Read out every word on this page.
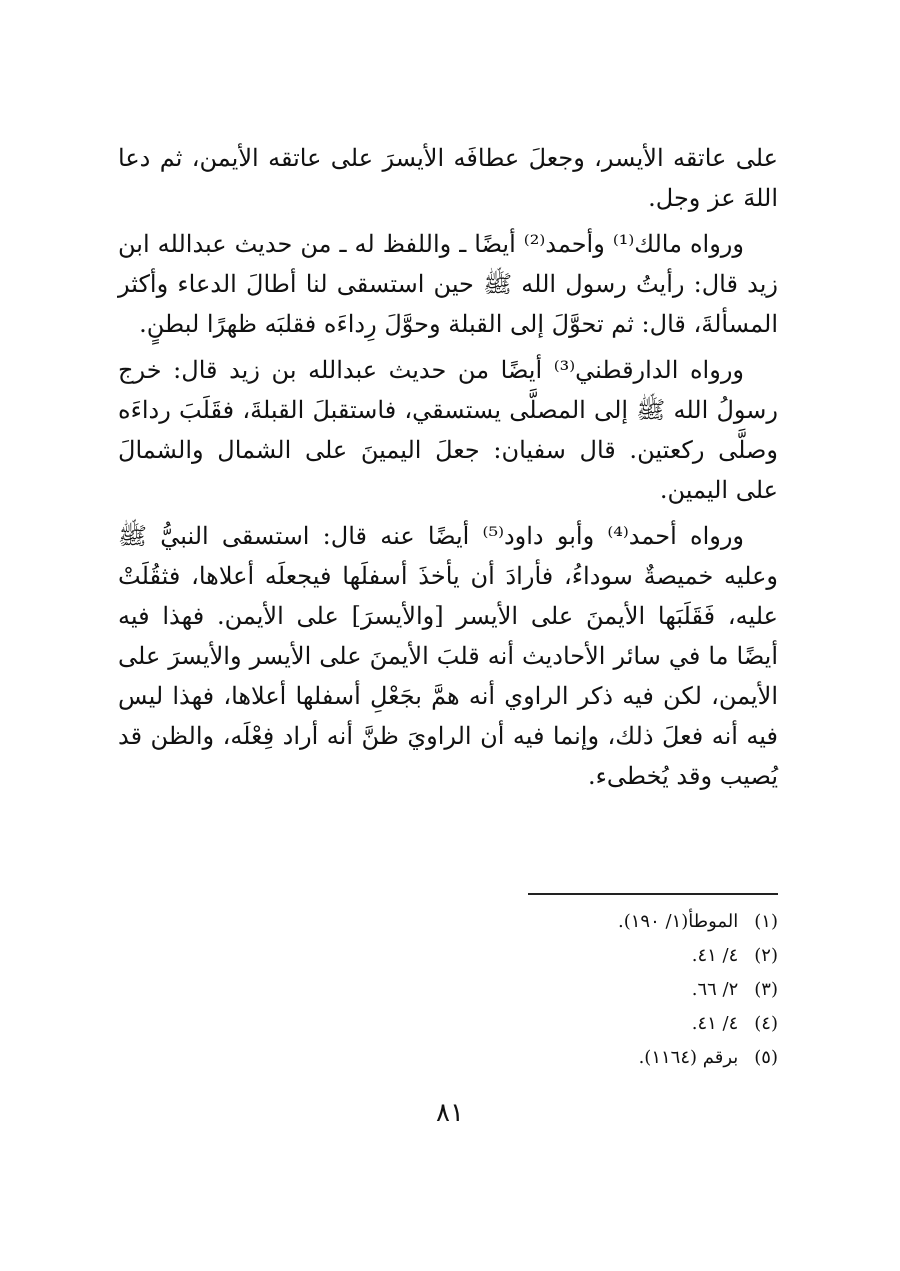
على عاتقه الأيسر، وجعلَ عطافَه الأيسرَ على عاتقه الأيمن، ثم دعا اللهَ عز وجل.

ورواه مالك⁽¹⁾ وأحمد⁽²⁾ أيضًا ـ واللفظ له ـ من حديث عبدالله ابن زيد قال: رأيتُ رسول الله ﷺ حين استسقى لنا أطالَ الدعاء وأكثر المسألةَ، قال: ثم تحوَّلَ إلى القبلة وحوَّلَ رِداءَه فقلبَه ظهرًا لبطنٍ.

ورواه الدارقطني⁽³⁾ أيضًا من حديث عبدالله بن زيد قال: خرج رسولُ الله ﷺ إلى المصلَّى يستسقي، فاستقبلَ القبلةَ، فقَلَبَ رداءَه وصلَّى ركعتين. قال سفيان: جعلَ اليمينَ على الشمال والشمالَ على اليمين.

ورواه أحمد⁽⁴⁾ وأبو داود⁽⁵⁾ أيضًا عنه قال: استسقى النبيُّ ﷺ وعليه خميصةٌ سوداءُ، فأرادَ أن يأخذَ أسفلَها فيجعلَه أعلاها، فثقُلَتْ عليه، فَقَلَبَها الأيمنَ على الأيسر [والأيسرَ] على الأيمن. فهذا فيه أيضًا ما في سائر الأحاديث أنه قلبَ الأيمنَ على الأيسر والأيسرَ على الأيمن، لكن فيه ذكر الراوي أنه همَّ بجَعْلِ أسفلها أعلاها، فهذا ليس فيه أنه فعلَ ذلك، وإنما فيه أن الراويَ ظنَّ أنه أراد فِعْلَه، والظن قد يُصيب وقد يُخطىء.

(١) الموطأ(١/ ١٩٠).
(٢) ٤/ ٤١.
(٣) ٢/ ٦٦.
(٤) ٤/ ٤١.
(٥) برقم (١١٦٤).
٨١
